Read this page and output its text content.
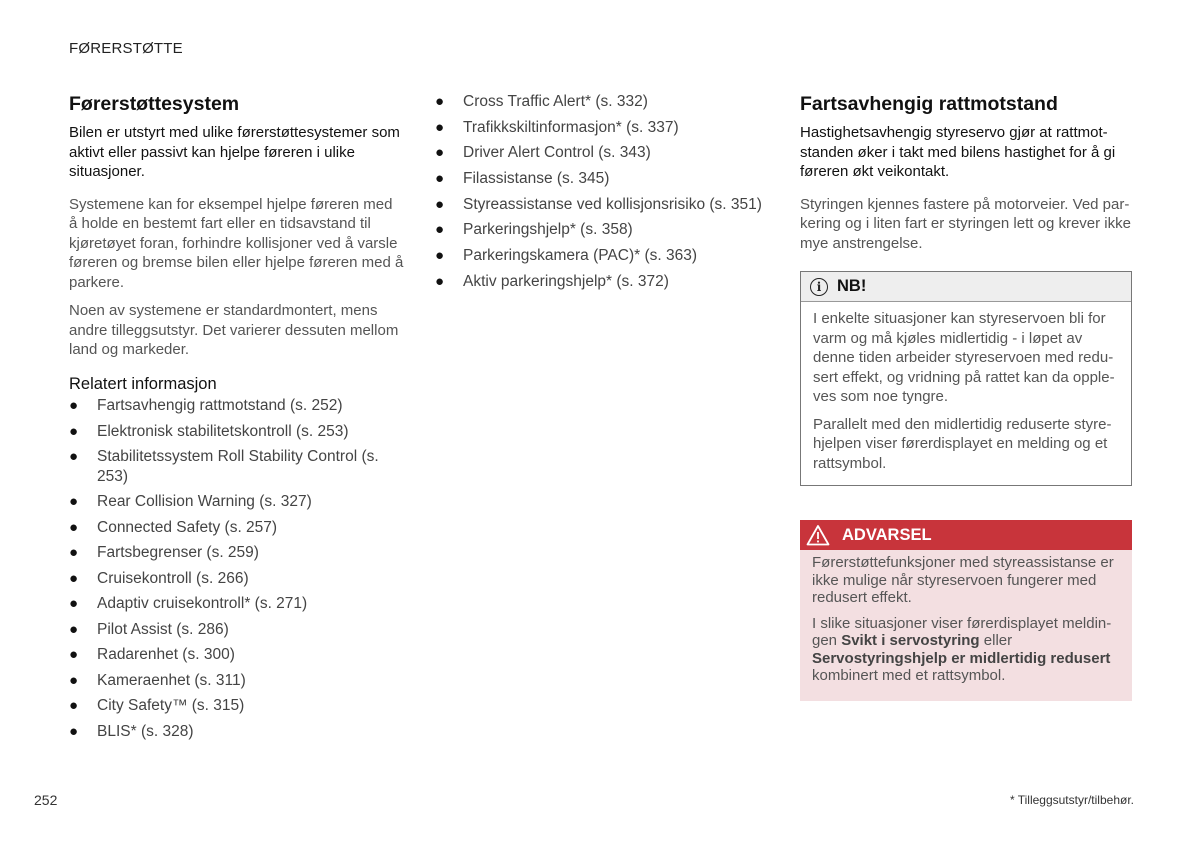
FØRERSTØTTE
Førerstøttesystem

Bilen er utstyrt med ulike førerstøttesystemer som aktivt eller passivt kan hjelpe føreren i ulike situasjoner.

Systemene kan for eksempel hjelpe føreren med å holde en bestemt fart eller en tidsavstand til kjøretøyet foran, forhindre kollisjoner ved å varsle føreren og bremse bilen eller hjelpe føreren med å parkere.

Noen av systemene er standardmontert, mens andre tilleggsutstyr. Det varierer dessuten mellom land og markeder.

Relatert informasjon
● Fartsavhengig rattmotstand (s. 252)
● Elektronisk stabilitetskontroll (s. 253)
● Stabilitetssystem Roll Stability Control (s. 253)
● Rear Collision Warning (s. 327)
● Connected Safety (s. 257)
● Fartsbegrenser (s. 259)
● Cruisekontroll (s. 266)
● Adaptiv cruisekontroll* (s. 271)
● Pilot Assist (s. 286)
● Radarenhet (s. 300)
● Kameraenhet (s. 311)
● City Safety™ (s. 315)
● BLIS* (s. 328)
● Cross Traffic Alert* (s. 332)
● Trafikkskiltinformasjon* (s. 337)
● Driver Alert Control (s. 343)
● Filassistanse (s. 345)
● Styreassistanse ved kollisjonsrisiko (s. 351)
● Parkeringshjelp* (s. 358)
● Parkeringskamera (PAC)* (s. 363)
● Aktiv parkeringshjelp* (s. 372)
Fartsavhengig rattmotstand

Hastighetsavhengig styreservo gjør at rattmotstanden øker i takt med bilens hastighet for å gi føreren økt veikontakt.

Styringen kjennes fastere på motorveier. Ved parkering og i liten fart er styringen lett og krever ikke mye anstrengelse.

i NB!

I enkelte situasjoner kan styreservoen bli for varm og må kjøles midlertidig - i løpet av denne tiden arbeider styreservoen med redusert effekt, og vridning på rattet kan da oppleves som noe tyngre.

Parallelt med den midlertidig reduserte styrehjelpen viser førerdisplayet en melding og et rattsymbol.

ADVARSEL

Førerstøttefunksjoner med styreassistanse er ikke mulige når styreservoen fungerer med redusert effekt.

I slike situasjoner viser førerdisplayet meldingen Svikt i servostyring eller Servostyringshjelp er midlertidig redusert kombinert med et rattsymbol.

252	* Tilleggsutstyr/tilbehør.
